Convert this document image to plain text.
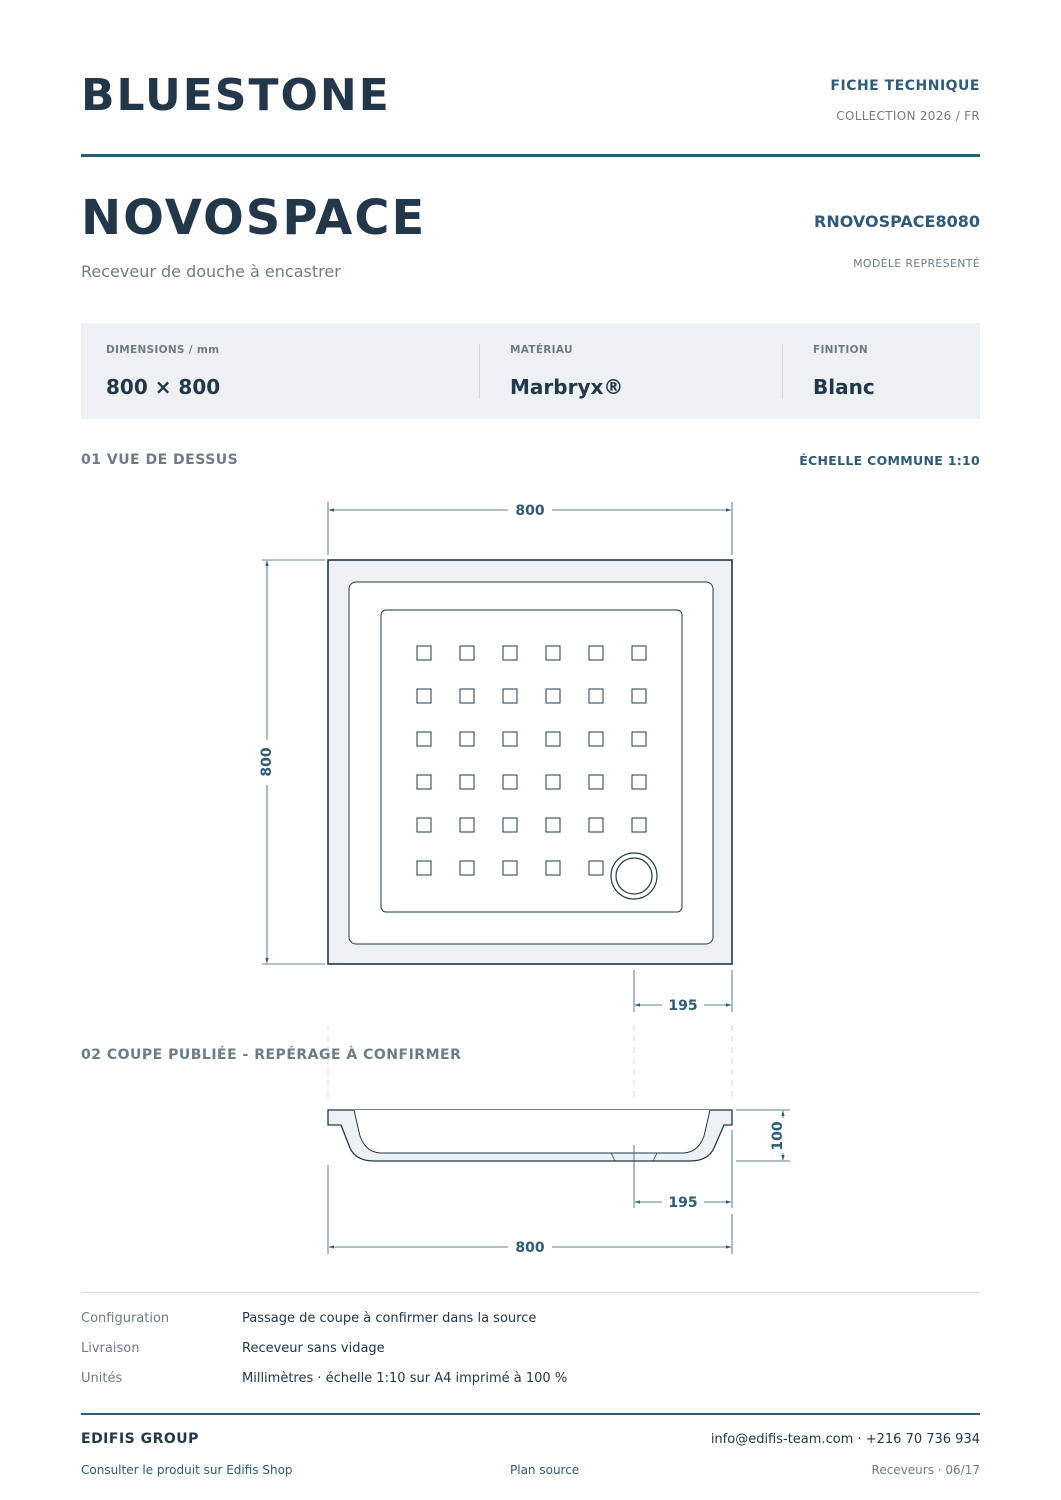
BLUESTONE	FICHE TECHNIQUE
COLLECTION 2026 / FR
NOVOSPACE
Receveur de douche à encastrer
RNOVOSPACE8080
MODÈLE REPRÉSENTÉ
DIMENSIONS / mm
800 × 800
MATÉRIAU
Marbryx®
FINITION
Blanc
01 VUE DE DESSUS	ÉCHELLE COMMUNE 1:10
02 COUPE PUBLIÉE - REPÉRAGE À CONFIRMER
800
800
195
100
195
800
Configuration	Passage de coupe à confirmer dans la source
Livraison	Receveur sans vidage
Unités	Millimètres · échelle 1:10 sur A4 imprimé à 100 %
EDIFIS GROUP	info@edifis-team.com · +216 70 736 934
Consulter le produit sur Edifis Shop	Plan source	Receveurs · 06/17
